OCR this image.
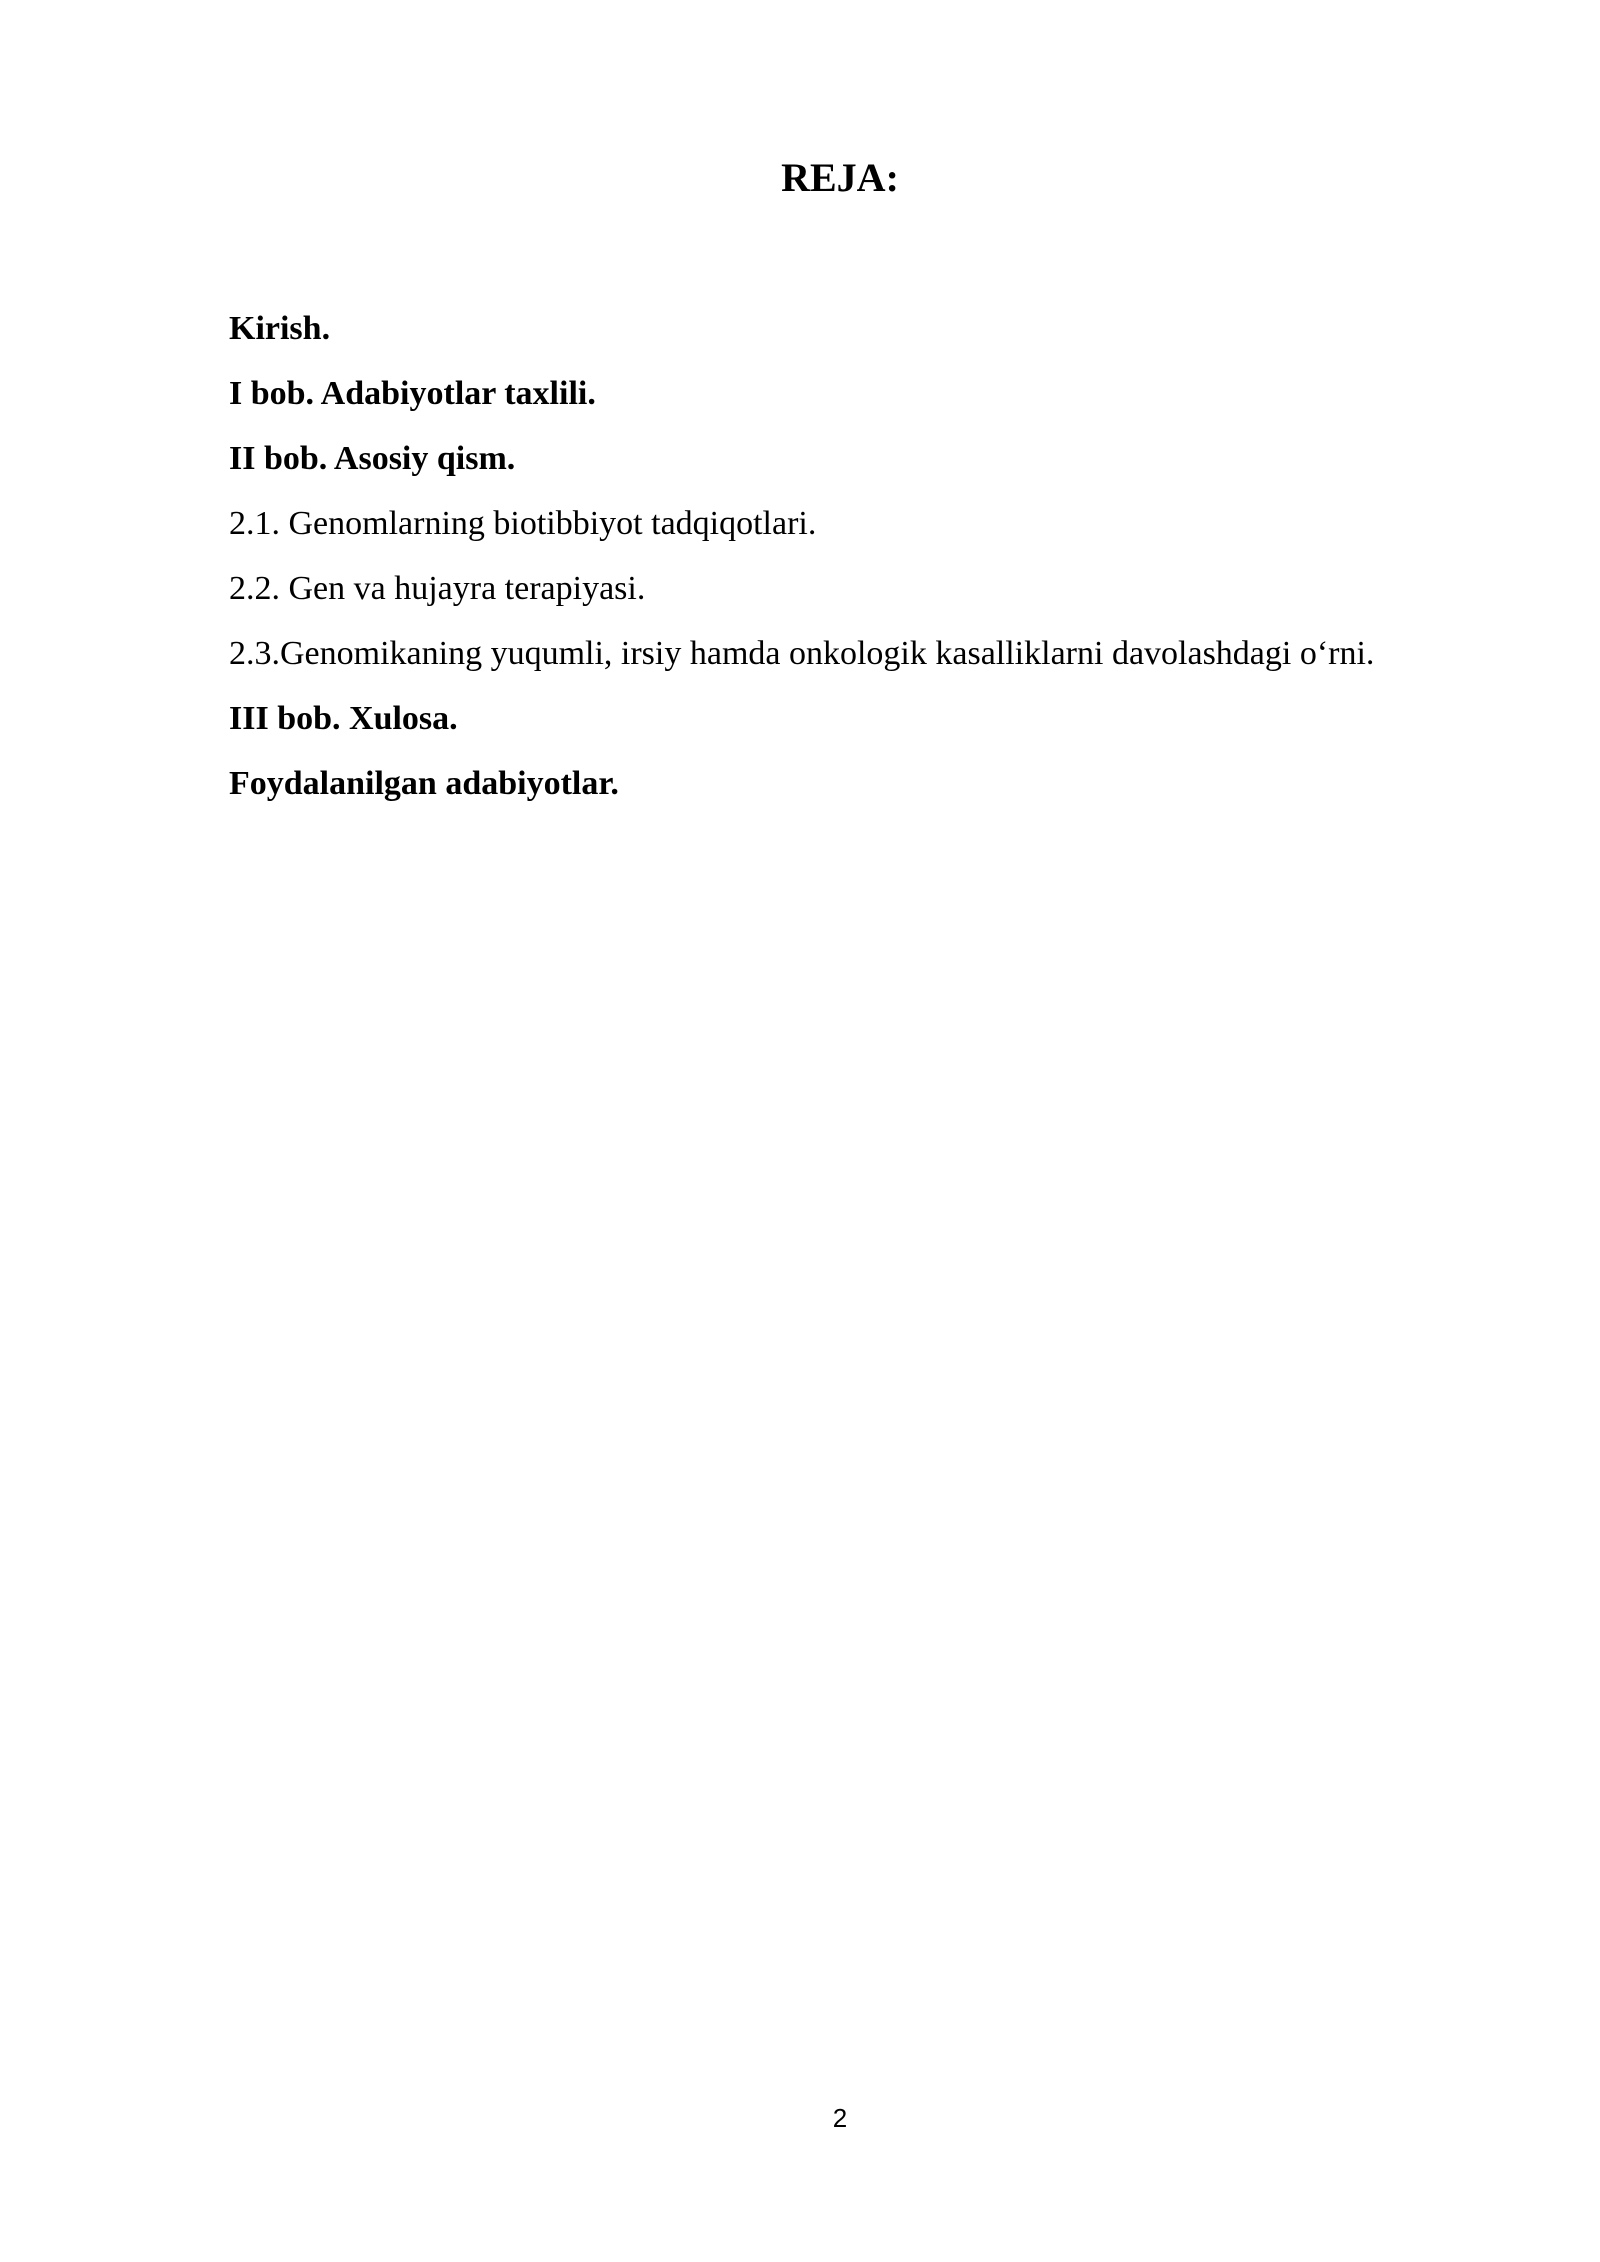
REJA:
Kirish.
I bob. Adabiyotlar taxlili.
II bob. Asosiy qism.
2.1. Genomlarning biotibbiyot tadqiqotlari.
2.2. Gen va hujayra terapiyasi.
2.3.Genomikaning yuqumli, irsiy hamda onkologik kasalliklarni davolashdagi o‘rni.
III bob. Xulosa.
Foydalanilgan adabiyotlar.
2
